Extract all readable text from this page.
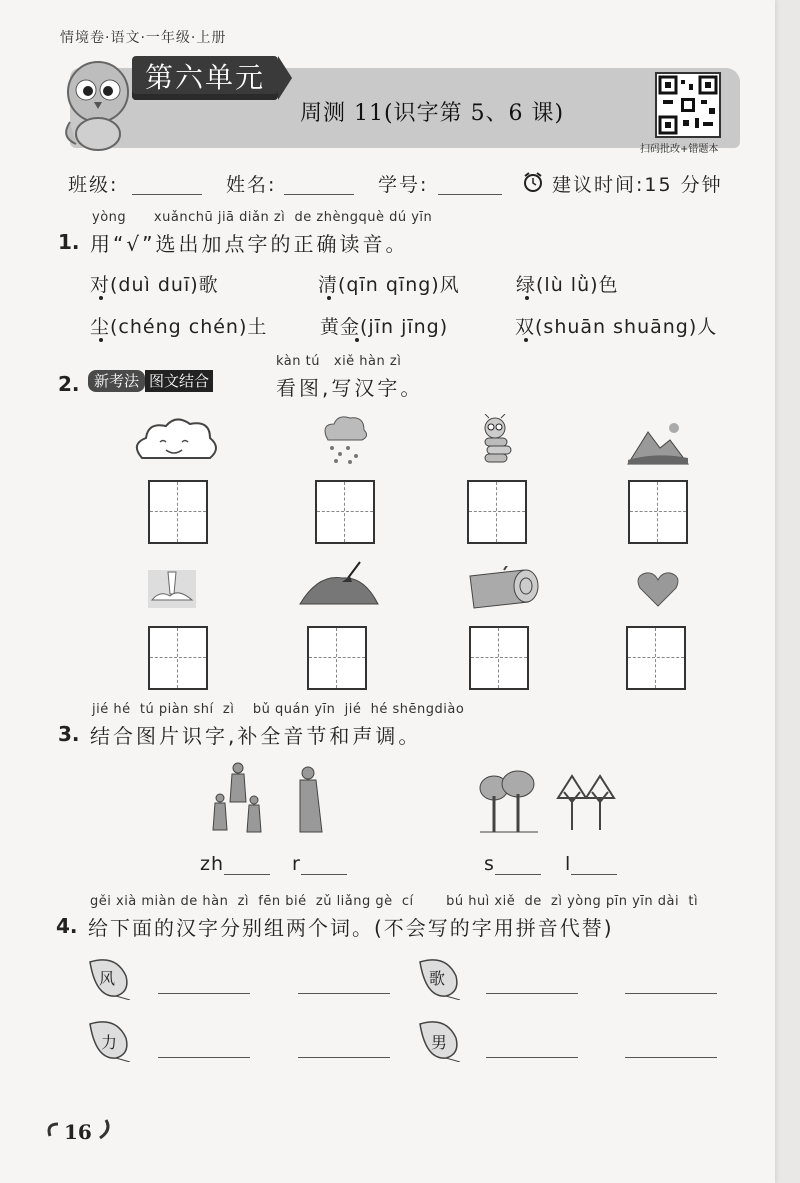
情境卷·语文·一年级·上册
第六单元
周测 11(识字第 5、6 课)
扫码批改+错题本
班级:	姓名:	学号:	建议时间:15 分钟
yòng      xuǎnchū jiā diǎn zì  de zhèngquè dú yīn
1. 用“√”选出加点字的正确读音。
对(duì duī)歌	清(qīn qīng)风	绿(lù lǜ)色
尘(chéng chén)土	黄金(jīn jīng)	双(shuān shuāng)人
2. 新考法 图文结合
kàn tú   xiě hàn zì
看图,写汉字。
jié hé  tú piàn shí  zì    bǔ quán yīn  jié  hé shēngdiào
3. 结合图片识字,补全音节和声调。
zh	r	s	l
gěi xià miàn de hàn  zì  fēn bié  zǔ liǎng gè  cí       bú huì xiě  de  zì yòng pīn yīn dài  tì
4. 给下面的汉字分别组两个词。(不会写的字用拼音代替)
风	歌
力	男
16
